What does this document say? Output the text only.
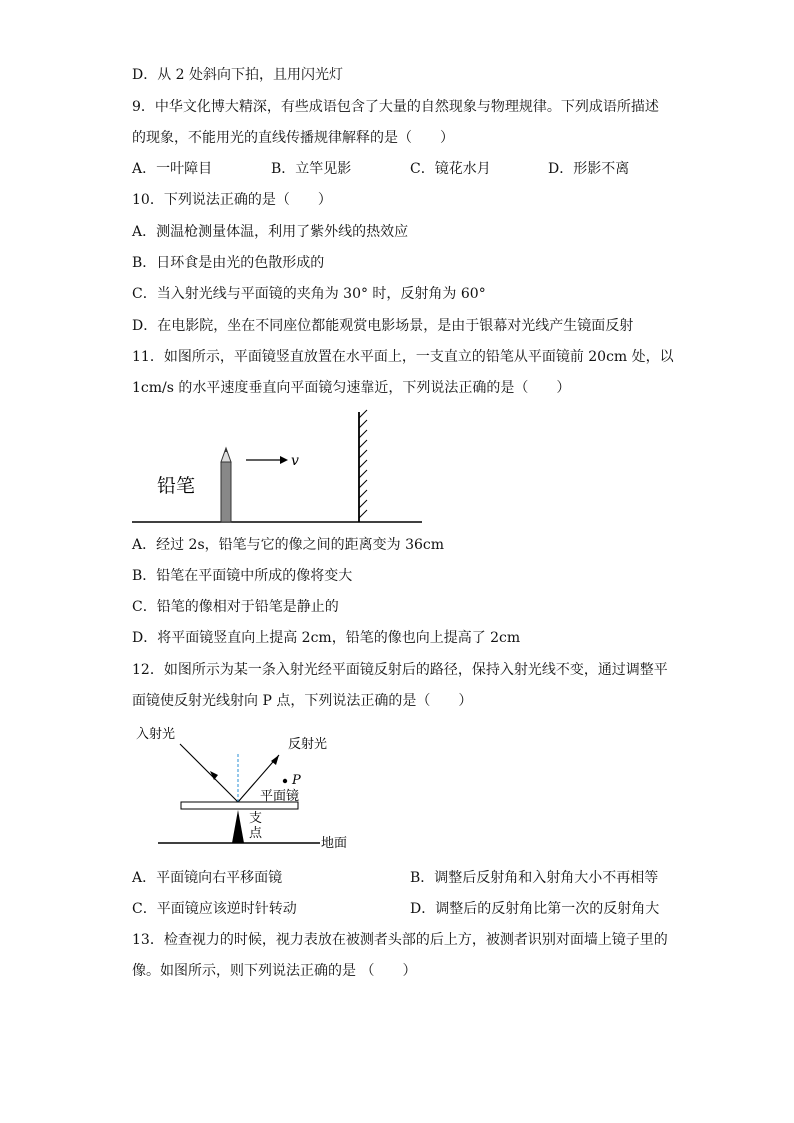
D．从 2 处斜向下拍，且用闪光灯
9．中华文化博大精深，有些成语包含了大量的自然现象与物理规律。下列成语所描述
的现象，不能用光的直线传播规律解释的是（　　）
A．一叶障目	B．立竿见影	C．镜花水月	D．形影不离
10．下列说法正确的是（　　）
A．测温枪测量体温，利用了紫外线的热效应
B．日环食是由光的色散形成的
C．当入射光线与平面镜的夹角为 30° 时，反射角为 60°
D．在电影院，坐在不同座位都能观赏电影场景，是由于银幕对光线产生镜面反射
11．如图所示，平面镜竖直放置在水平面上，一支直立的铅笔从平面镜前 20cm 处，以
1cm/s 的水平速度垂直向平面镜匀速靠近，下列说法正确的是（　　）
v
铅笔
A．经过 2s，铅笔与它的像之间的距离变为 36cm
B．铅笔在平面镜中所成的像将变大
C．铅笔的像相对于铅笔是静止的
D．将平面镜竖直向上提高 2cm，铅笔的像也向上提高了 2cm
12．如图所示为某一条入射光经平面镜反射后的路径，保持入射光线不变，通过调整平
面镜使反射光线射向 P 点，下列说法正确的是（　　）
P
入射光
反射光
平面镜
支
点
地面
A．平面镜向右平移面镜	B．调整后反射角和入射角大小不再相等
C．平面镜应该逆时针转动	D．调整后的反射角比第一次的反射角大
13．检查视力的时候，视力表放在被测者头部的后上方，被测者识别对面墙上镜子里的
像。如图所示，则下列说法正确的是 （　　）
